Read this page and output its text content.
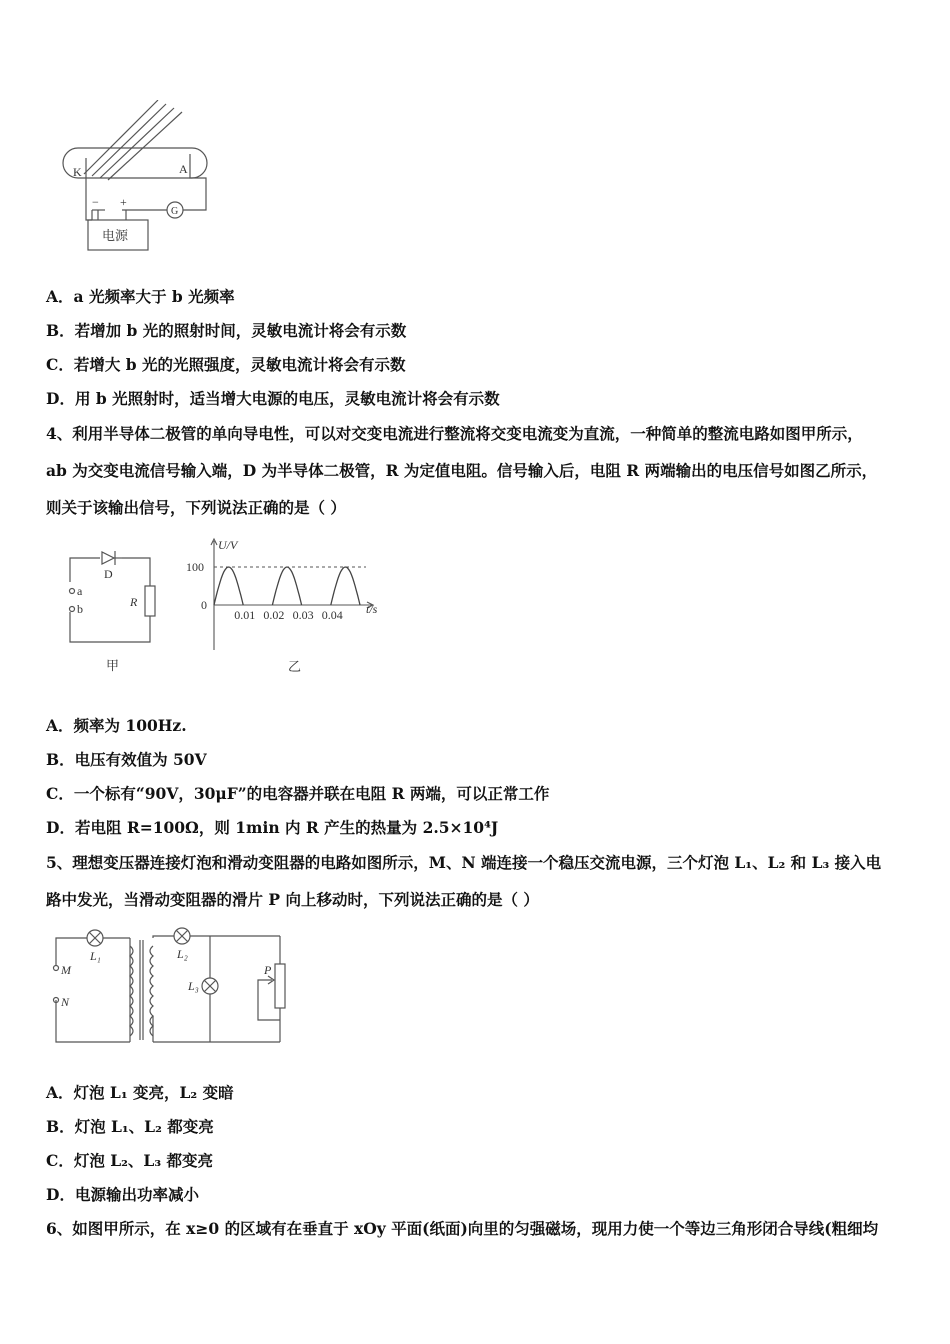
K	A
− +
G
电源
A．a 光频率大于 b 光频率
B．若增加 b 光的照射时间，灵敏电流计将会有示数
C．若增大 b 光的光照强度，灵敏电流计将会有示数
D．用 b 光照射时，适当增大电源的电压，灵敏电流计将会有示数
4、利用半导体二极管的单向导电性，可以对交变电流进行整流将交变电流变为直流，一种简单的整流电路如图甲所示，
ab 为交变电流信号输入端，D 为半导体二极管，R 为定值电阻。信号输入后，电阻 R 两端输出的电压信号如图乙所示，
则关于该输出信号，下列说法正确的是（ ）
D
a
b	R
甲
U/V
t/s
100
0
0.01 0.02 0.03 0.04
乙
A．频率为 100Hz.
B．电压有效值为 50V
C．一个标有“90V，30μF”的电容器并联在电阻 R 两端，可以正常工作
D．若电阻 R=100Ω，则 1min 内 R 产生的热量为 2.5×10⁴J
5、理想变压器连接灯泡和滑动变阻器的电路如图所示，M、N 端连接一个稳压交流电源，三个灯泡 L₁、L₂ 和 L₃ 接入电
路中发光，当滑动变阻器的滑片 P 向上移动时，下列说法正确的是（ ）
M
N
L₁	L₂
L₃
P
A．灯泡 L₁ 变亮，L₂ 变暗
B．灯泡 L₁、L₂ 都变亮
C．灯泡 L₂、L₃ 都变亮
D．电源输出功率减小
6、如图甲所示，在 x≥0 的区域有在垂直于 xOy 平面(纸面)向里的匀强磁场，现用力使一个等边三角形闭合导线(粗细均
